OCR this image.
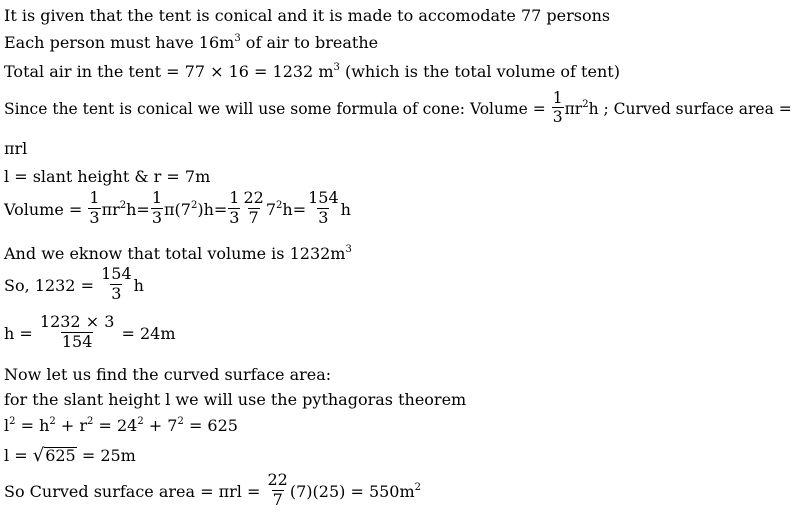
It is given that the tent is conical and it is made to accomodate 77 persons
Each person must have $16m^3$ of air to breathe
Total air in the tent = 77 × 16 = 1232 $m^3$ (which is the total volume of tent)
Since the tent is conical we will use some formula of cone: Volume = $\frac{1}{3} \pi r^2h$ ; Curved surface area =
πrl
l = slant height & r = 7m
Volume = $\frac{1}{3} \pi r^2h= \frac{1}{3} \pi(7^2)h= \frac{1}{3} \frac{22}{7} 7^2h= \frac{154}{3}$ h
And we eknow that total volume is $1232m^3$
So, $1232 = \frac{154}{3}$ h
$h = \frac{1232 \times 3}{154} = 24m$
Now let us find the curved surface area:
for the slant height l we will use the pythagoras theorem
$l^2 = h^2 + r^2 = 24^2 + 7^2 = 625$
l = √ 625 = 25m
So Curved surface area = $\pi rl = \frac{22}{7} (7)(25) = 550m^2$
